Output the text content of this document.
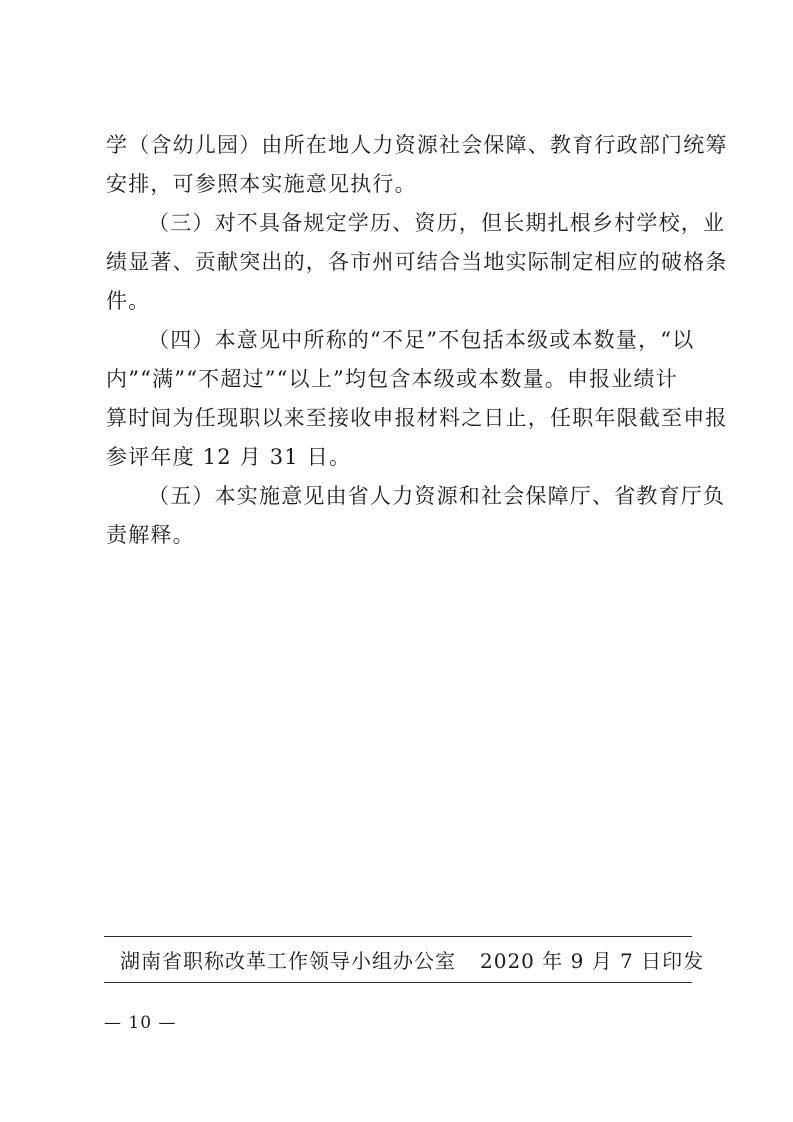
学（含幼儿园）由所在地人力资源社会保障、教育行政部门统筹
安排，可参照本实施意见执行。
（三）对不具备规定学历、资历，但长期扎根乡村学校，业
绩显著、贡献突出的，各市州可结合当地实际制定相应的破格条
件。
（四）本意见中所称的“不足”不包括本级或本数量，“以
内”“满”“不超过”“以上”均包含本级或本数量。申报业绩计
算时间为任现职以来至接收申报材料之日止，任职年限截至申报
参评年度 12 月 31 日。
（五）本实施意见由省人力资源和社会保障厅、省教育厅负
责解释。
湖南省职称改革工作领导小组办公室 2020 年 9 月 7 日印发
— 10 —
